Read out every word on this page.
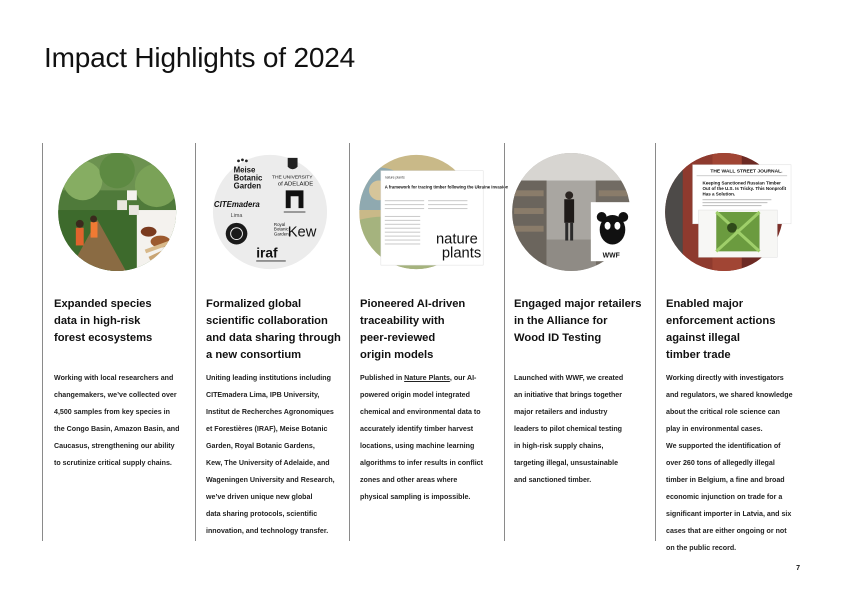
Impact Highlights of 2024
Expanded species
data in high-risk
forest ecosystems
Working with local researchers and
changemakers, we’ve collected over
4,500 samples from key species in
the Congo Basin, Amazon Basin, and
Caucasus, strengthening our ability
to scrutinize critical supply chains.
Meise
Botanic
Garden
THE UNIVERSITY
of ADELAIDE
CITEmadera
Lima
Royal
Botanic
Gardens
Kew
iraf
Formalized global
scientific collaboration
and data sharing through
a new consortium
Uniting leading institutions including
CITEmadera Lima, IPB University,
Institut de Recherches Agronomiques
et Forestières (IRAF), Meise Botanic
Garden, Royal Botanic Gardens,
Kew, The University of Adelaide, and
Wageningen University and Research,
we’ve driven unique new global
data sharing protocols, scientific
innovation, and technology transfer.
nature plants
A framework for tracing timber following the Ukraine invasion
nature
plants
Pioneered AI-driven
traceability with
peer-reviewed
origin models
Published in Nature Plants, our AI-
powered origin model integrated
chemical and environmental data to
accurately identify timber harvest
locations, using machine learning
algorithms to infer results in conflict
zones and other areas where
physical sampling is impossible.
WWF
Engaged major retailers
in the Alliance for
Wood ID Testing
Launched with WWF, we created
an initiative that brings together
major retailers and industry
leaders to pilot chemical testing
in high-risk supply chains,
targeting illegal, unsustainable
and sanctioned timber.
THE WALL STREET JOURNAL.
Keeping Sanctioned Russian Timber
Out of the U.S. Is Tricky. This Nonprofit
Has a Solution.
Enabled major
enforcement actions
against illegal
timber trade
Working directly with investigators
and regulators, we shared knowledge
about the critical role science can
play in environmental cases.
We supported the identification of
over 260 tons of allegedly illegal
timber in Belgium, a fine and broad
economic injunction on trade for a
significant importer in Latvia, and six
cases that are either ongoing or not
on the public record.
7
